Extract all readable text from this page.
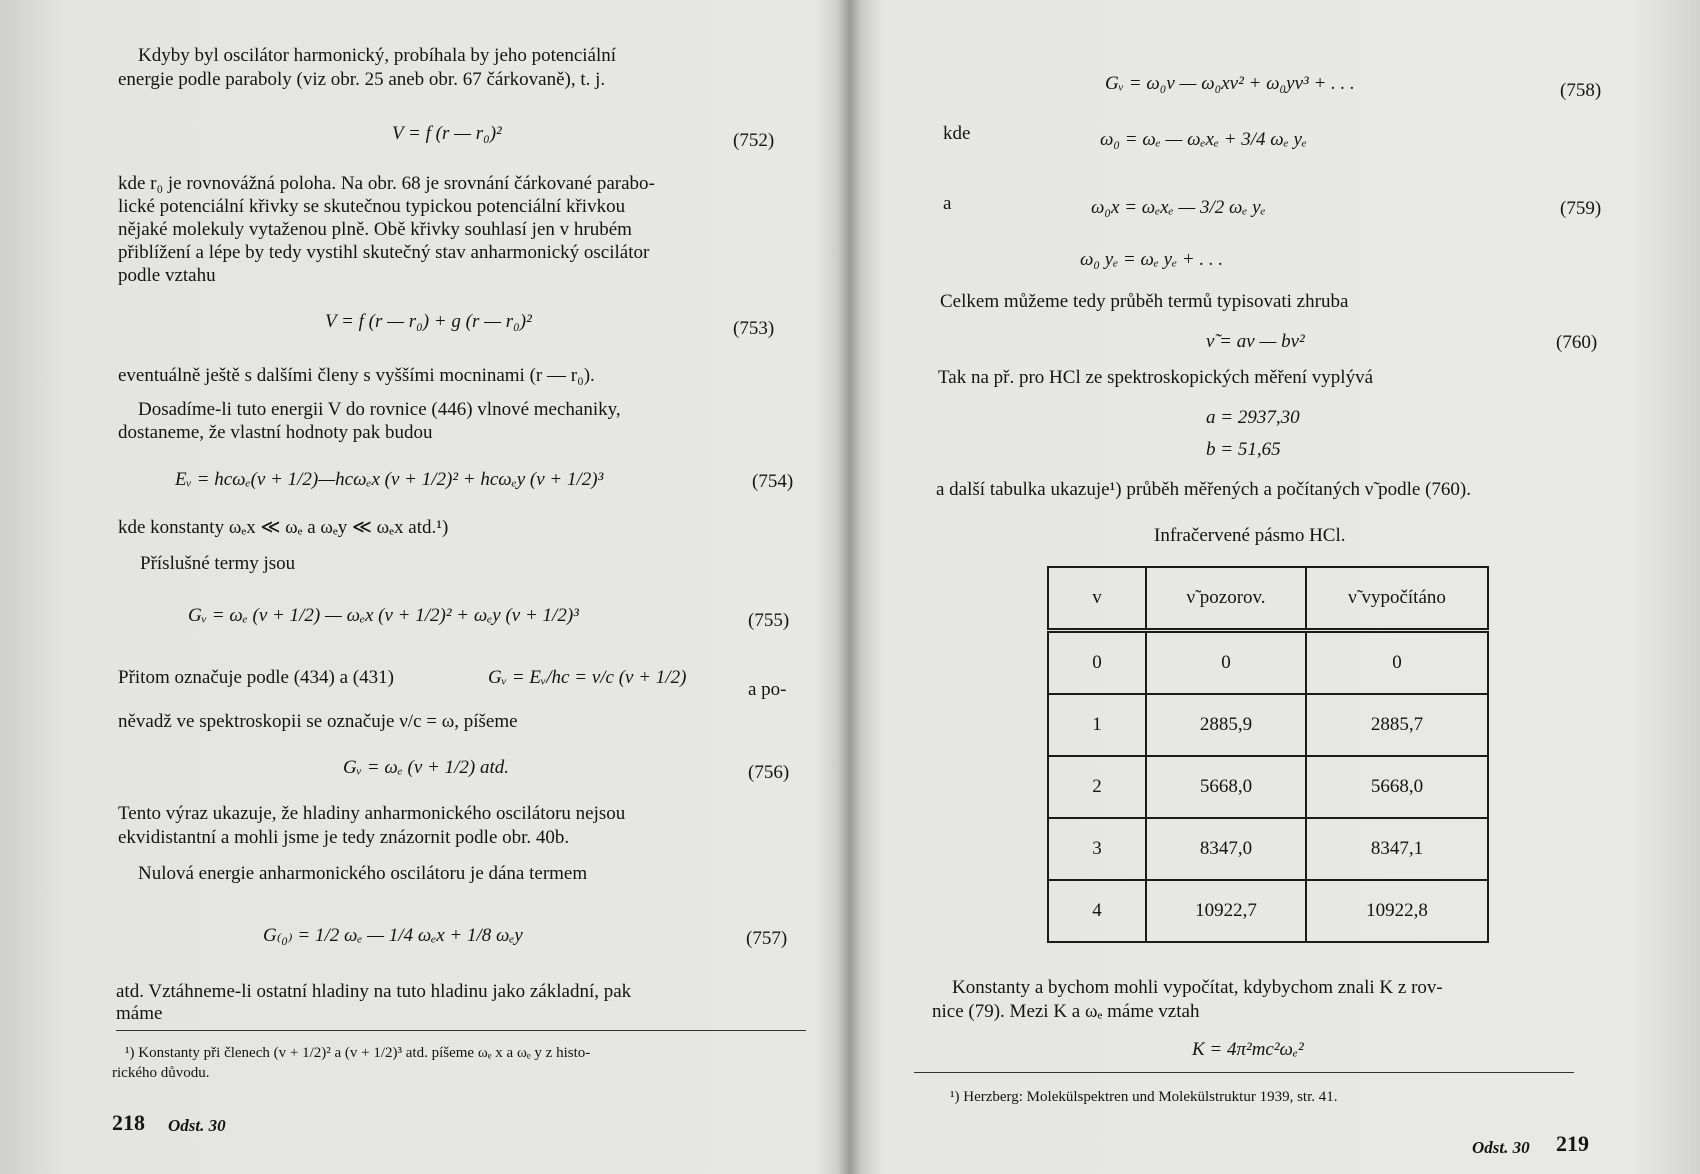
Kdyby byl oscilátor harmonický, probíhala by jeho potenciální
energie podle paraboly (viz obr. 25 aneb obr. 67 čárkovaně), t. j.
V = f (r — r₀)²	(752)
kde r₀ je rovnovážná poloha. Na obr. 68 je srovnání čárkované parabo-
lické potenciální křivky se skutečnou typickou potenciální křivkou
nějaké molekuly vytaženou plně. Obě křivky souhlasí jen v hrubém
přiblížení a lépe by tedy vystihl skutečný stav anharmonický oscilátor
podle vztahu
V = f (r — r₀) + g (r — r₀)²	(753)
eventuálně ještě s dalšími členy s vyššími mocninami (r — r₀).
Dosadíme-li tuto energii V do rovnice (446) vlnové mechaniky,
dostaneme, že vlastní hodnoty pak budou
Eᵥ = hcωₑ(v + 1/2)—hcωₑx (v + 1/2)² + hcωₑy (v + 1/2)³	(754)
kde konstanty ωₑx ≪ ωₑ a ωₑy ≪ ωₑx atd.¹)
Příslušné termy jsou
Gᵥ = ωₑ (v + 1/2) — ωₑx (v + 1/2)² + ωₑy (v + 1/2)³	(755)
Přitom označuje podle (434) a (431)	Gᵥ = Eᵥ/hc = ν/c (v + 1/2)
a po-
něvadž ve spektroskopii se označuje ν/c = ω, píšeme
Gᵥ = ωₑ (v + 1/2) atd.	(756)
Tento výraz ukazuje, že hladiny anharmonického oscilátoru nejsou
ekvidistantní a mohli jsme je tedy znázornit podle obr. 40b.
Nulová energie anharmonického oscilátoru je dána termem
G₍₀₎ = 1/2 ωₑ — 1/4 ωₑx + 1/8 ωₑy	(757)
atd. Vztáhneme-li ostatní hladiny na tuto hladinu jako základní, pak
máme
¹) Konstanty při členech (v + 1/2)² a (v + 1/2)³ atd. píšeme ωₑ x a ωₑ y z histo-
rického důvodu.
218 Odst. 30
Gᵥ = ω₀v — ω₀xv² + ω₀yv³ + . . .	(758)
kde	ω₀ = ωₑ — ωₑxₑ + 3/4 ωₑ yₑ
a	ω₀x = ωₑxₑ — 3/2 ωₑ yₑ	(759)
ω₀ yₑ = ωₑ yₑ + . . .
Celkem můžeme tedy průběh termů typisovati zhruba
ν̃ = av — bv²	(760)
Tak na př. pro HCl ze spektroskopických měření vyplývá
a = 2937,30
b = 51,65
a další tabulka ukazuje¹) průběh měřených a počítaných ν̃ podle (760).
Infračervené pásmo HCl.
v	ν̃ pozorov.	ν̃ vypočítáno
0	0	0
1	2885,9	2885,7
2	5668,0	5668,0
3	8347,0	8347,1
4	10922,7	10922,8
Konstanty a bychom mohli vypočítat, kdybychom znali K z rov-
nice (79). Mezi K a ωₑ máme vztah
K = 4π²mc²ωₑ²
¹) Herzberg: Molekülspektren und Molekülstruktur 1939, str. 41.
Odst. 30 219
